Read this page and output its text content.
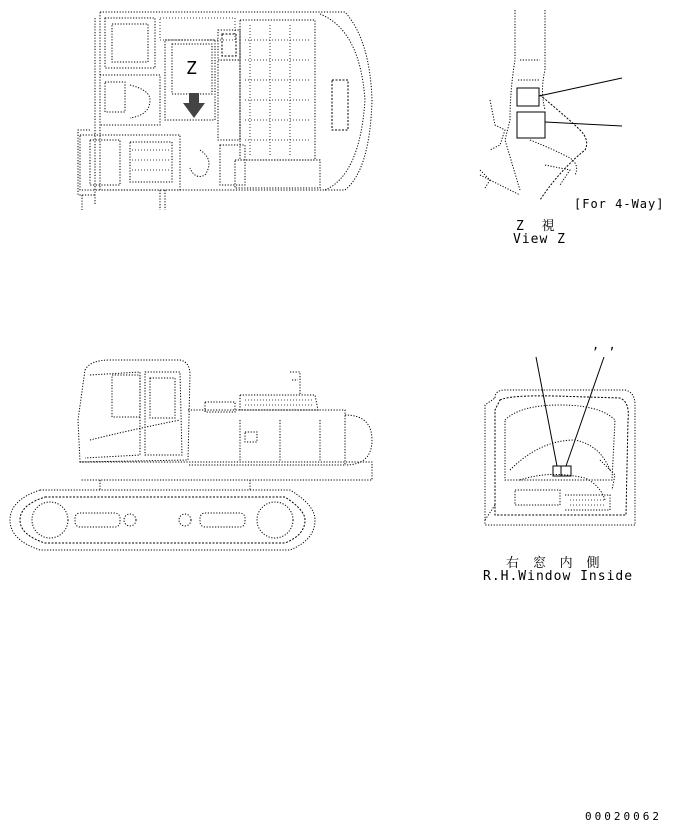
Z
[For 4-Way]
Z 視
View Z
, ,
右 窓 内 側
R.H.Window Inside
00020062
